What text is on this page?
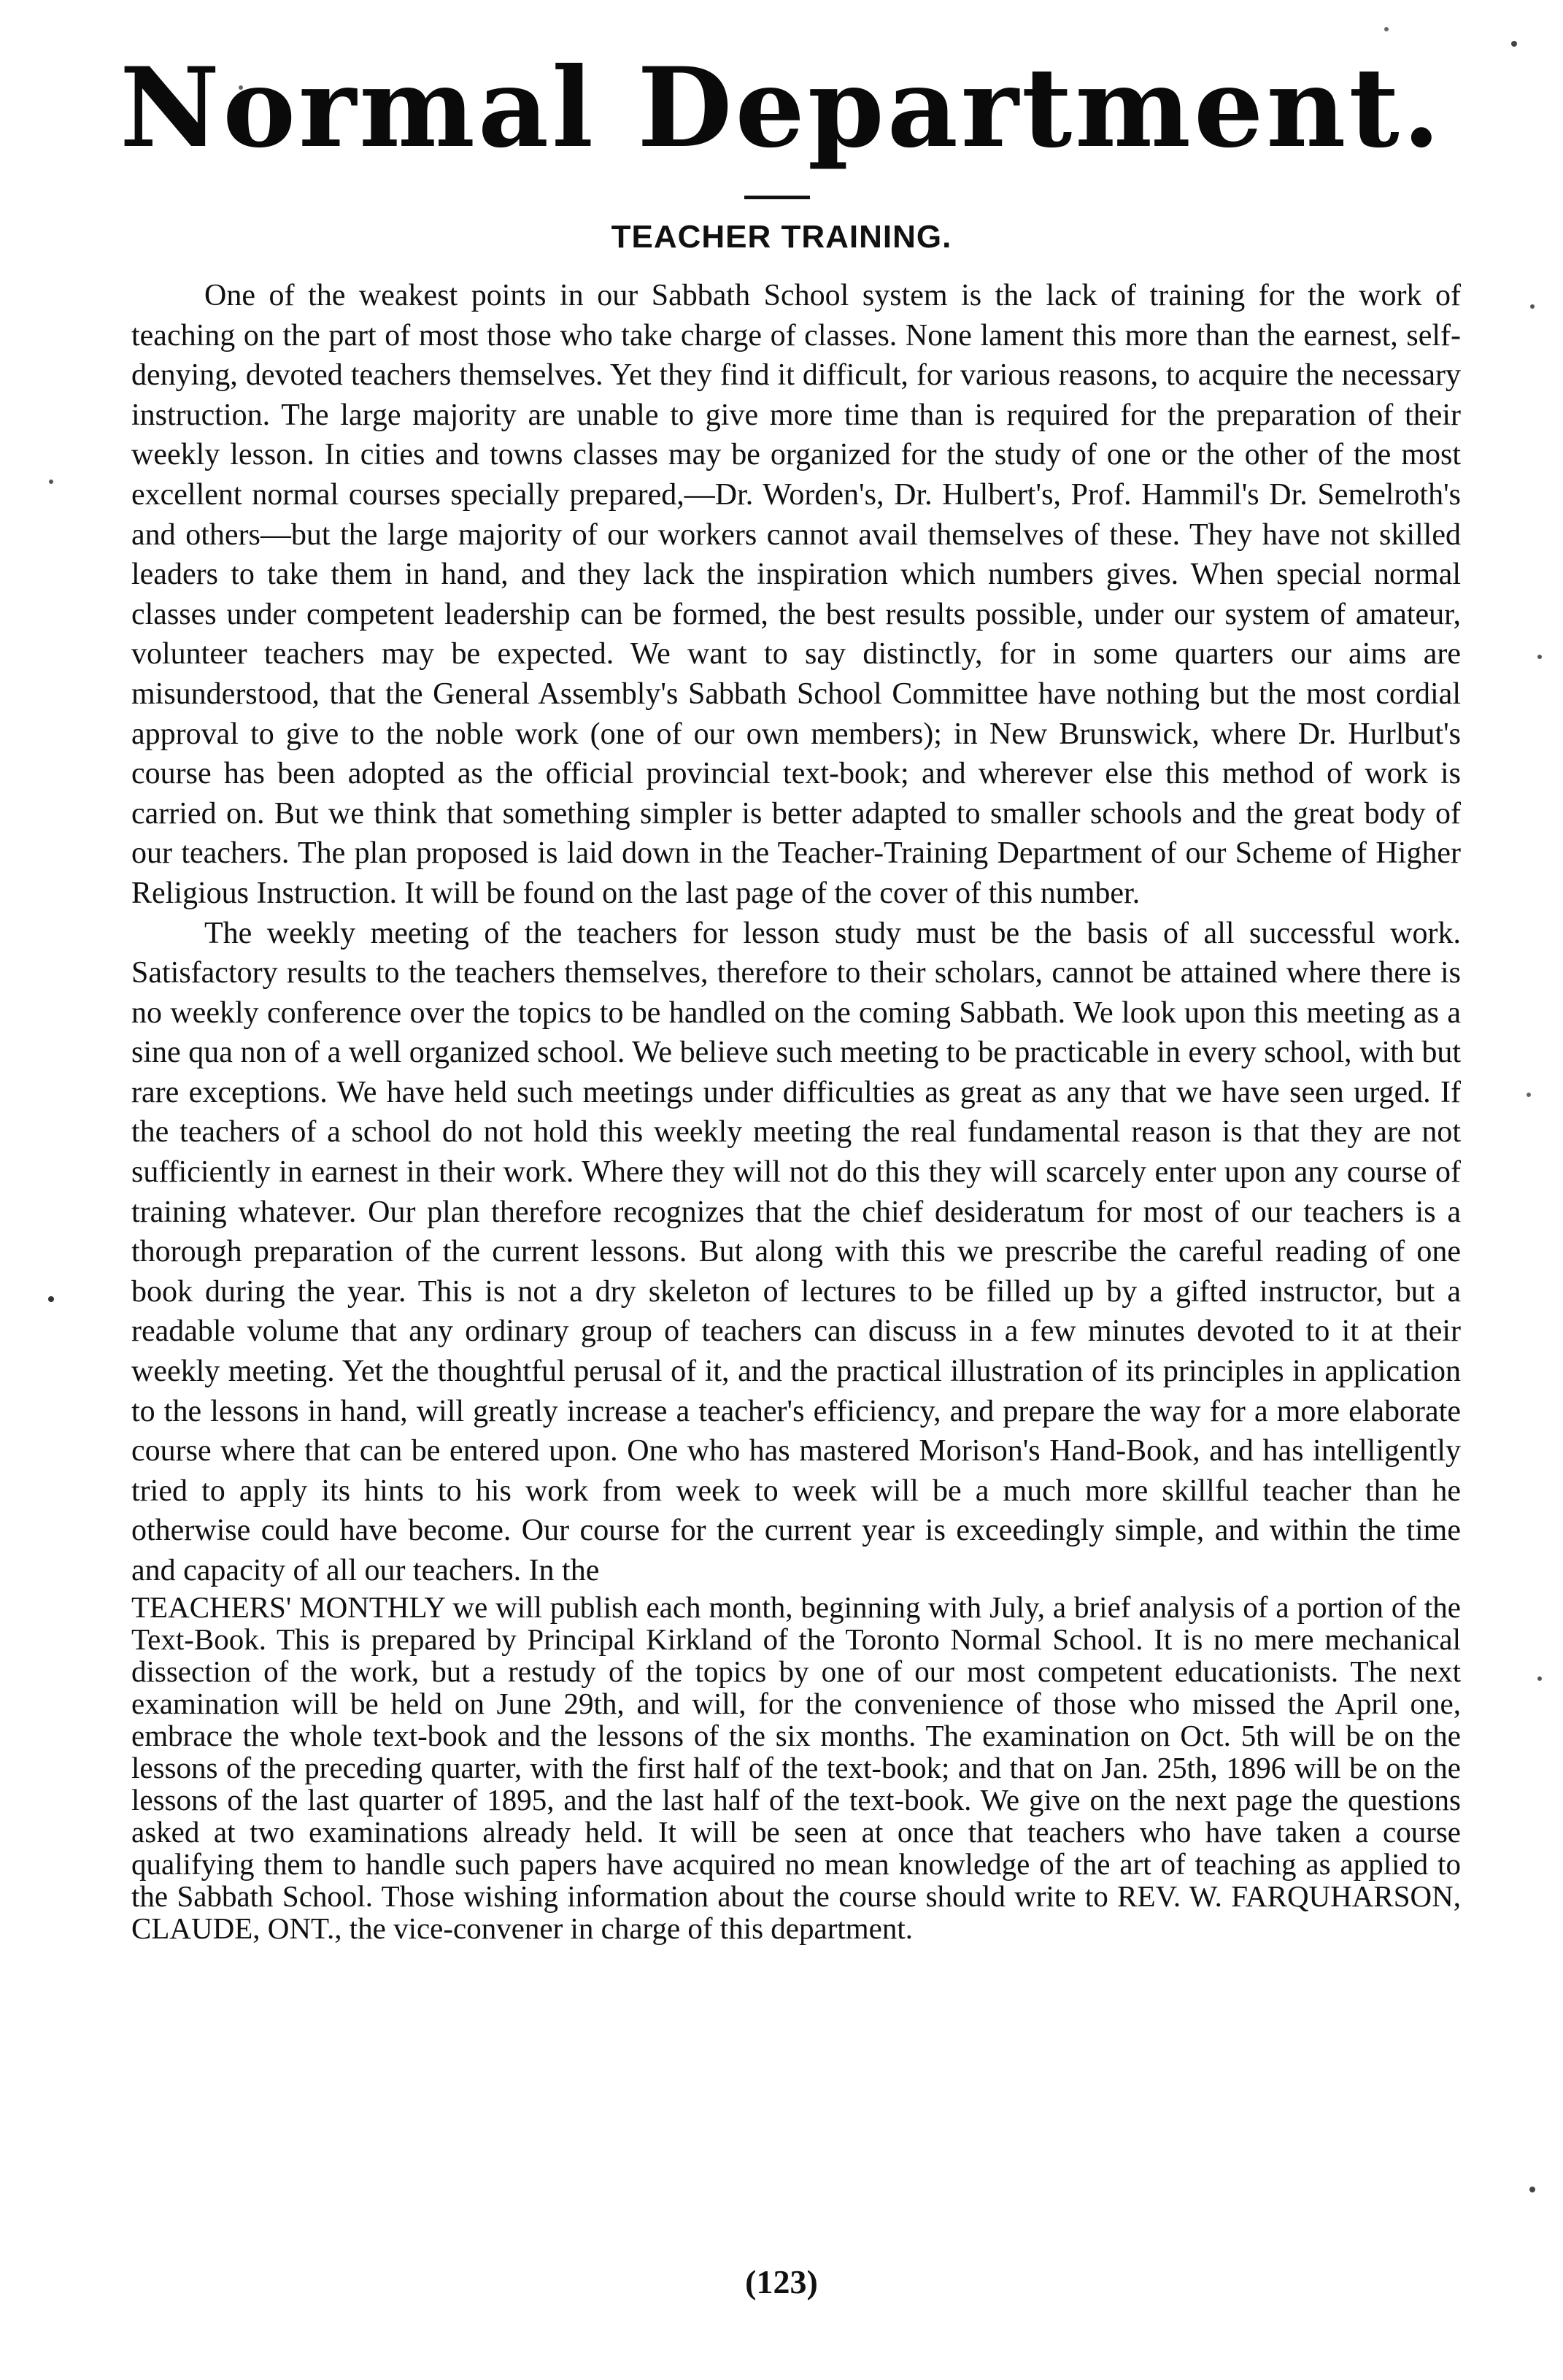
Normal Department.
TEACHER TRAINING.

One of the weakest points in our Sabbath School system is the lack of training for the work of teaching on the part of most those who take charge of classes. None lament this more than the earnest, self-denying, devoted teachers themselves. Yet they find it difficult, for various reasons, to acquire the necessary instruction. The large majority are unable to give more time than is required for the preparation of their weekly lesson. In cities and towns classes may be organized for the study of one or the other of the most excellent normal courses specially prepared,—Dr. Worden's, Dr. Hulbert's, Prof. Hammil's Dr. Semelroth's and others—but the large majority of our workers cannot avail themselves of these. They have not skilled leaders to take them in hand, and they lack the inspiration which numbers gives. When special normal classes under competent leadership can be formed, the best results possible, under our system of amateur, volunteer teachers may be expected. We want to say distinctly, for in some quarters our aims are misunderstood, that the General Assembly's Sabbath School Committee have nothing but the most cordial approval to give to the noble work (one of our own members); in New Brunswick, where Dr. Hurlbut's course has been adopted as the official provincial text-book; and wherever else this method of work is carried on. But we think that something simpler is better adapted to smaller schools and the great body of our teachers. The plan proposed is laid down in the Teacher-Training Department of our Scheme of Higher Religious Instruction. It will be found on the last page of the cover of this number.

The weekly meeting of the teachers for lesson study must be the basis of all successful work. Satisfactory results to the teachers themselves, therefore to their scholars, cannot be attained where there is no weekly conference over the topics to be handled on the coming Sabbath. We look upon this meeting as a sine qua non of a well organized school. We believe such meeting to be practicable in every school, with but rare exceptions. We have held such meetings under difficulties as great as any that we have seen urged. If the teachers of a school do not hold this weekly meeting the real fundamental reason is that they are not sufficiently in earnest in their work. Where they will not do this they will scarcely enter upon any course of training whatever. Our plan therefore recognizes that the chief desideratum for most of our teachers is a thorough preparation of the current lessons. But along with this we prescribe the careful reading of one book during the year. This is not a dry skeleton of lectures to be filled up by a gifted instructor, but a readable volume that any ordinary group of teachers can discuss in a few minutes devoted to it at their weekly meeting. Yet the thoughtful perusal of it, and the practical illustration of its principles in application to the lessons in hand, will greatly increase a teacher's efficiency, and prepare the way for a more elaborate course where that can be entered upon. One who has mastered Morison's Hand-Book, and has intelligently tried to apply its hints to his work from week to week will be a much more skillful teacher than he otherwise could have become. Our course for the current year is exceedingly simple, and within the time and capacity of all our teachers. In the

TEACHERS' MONTHLY we will publish each month, beginning with July, a brief analysis of a portion of the Text-Book. This is prepared by Principal Kirkland of the Toronto Normal School. It is no mere mechanical dissection of the work, but a restudy of the topics by one of our most competent educationists. The next examination will be held on June 29th, and will, for the convenience of those who missed the April one, embrace the whole text-book and the lessons of the six months. The examination on Oct. 5th will be on the lessons of the preceding quarter, with the first half of the text-book; and that on Jan. 25th, 1896 will be on the lessons of the last quarter of 1895, and the last half of the text-book. We give on the next page the questions asked at two examinations already held. It will be seen at once that teachers who have taken a course qualifying them to handle such papers have acquired no mean knowledge of the art of teaching as applied to the Sabbath School. Those wishing information about the course should write to REV. W. FARQUHARSON, CLAUDE, ONT., the vice-convener in charge of this department.

(123)
